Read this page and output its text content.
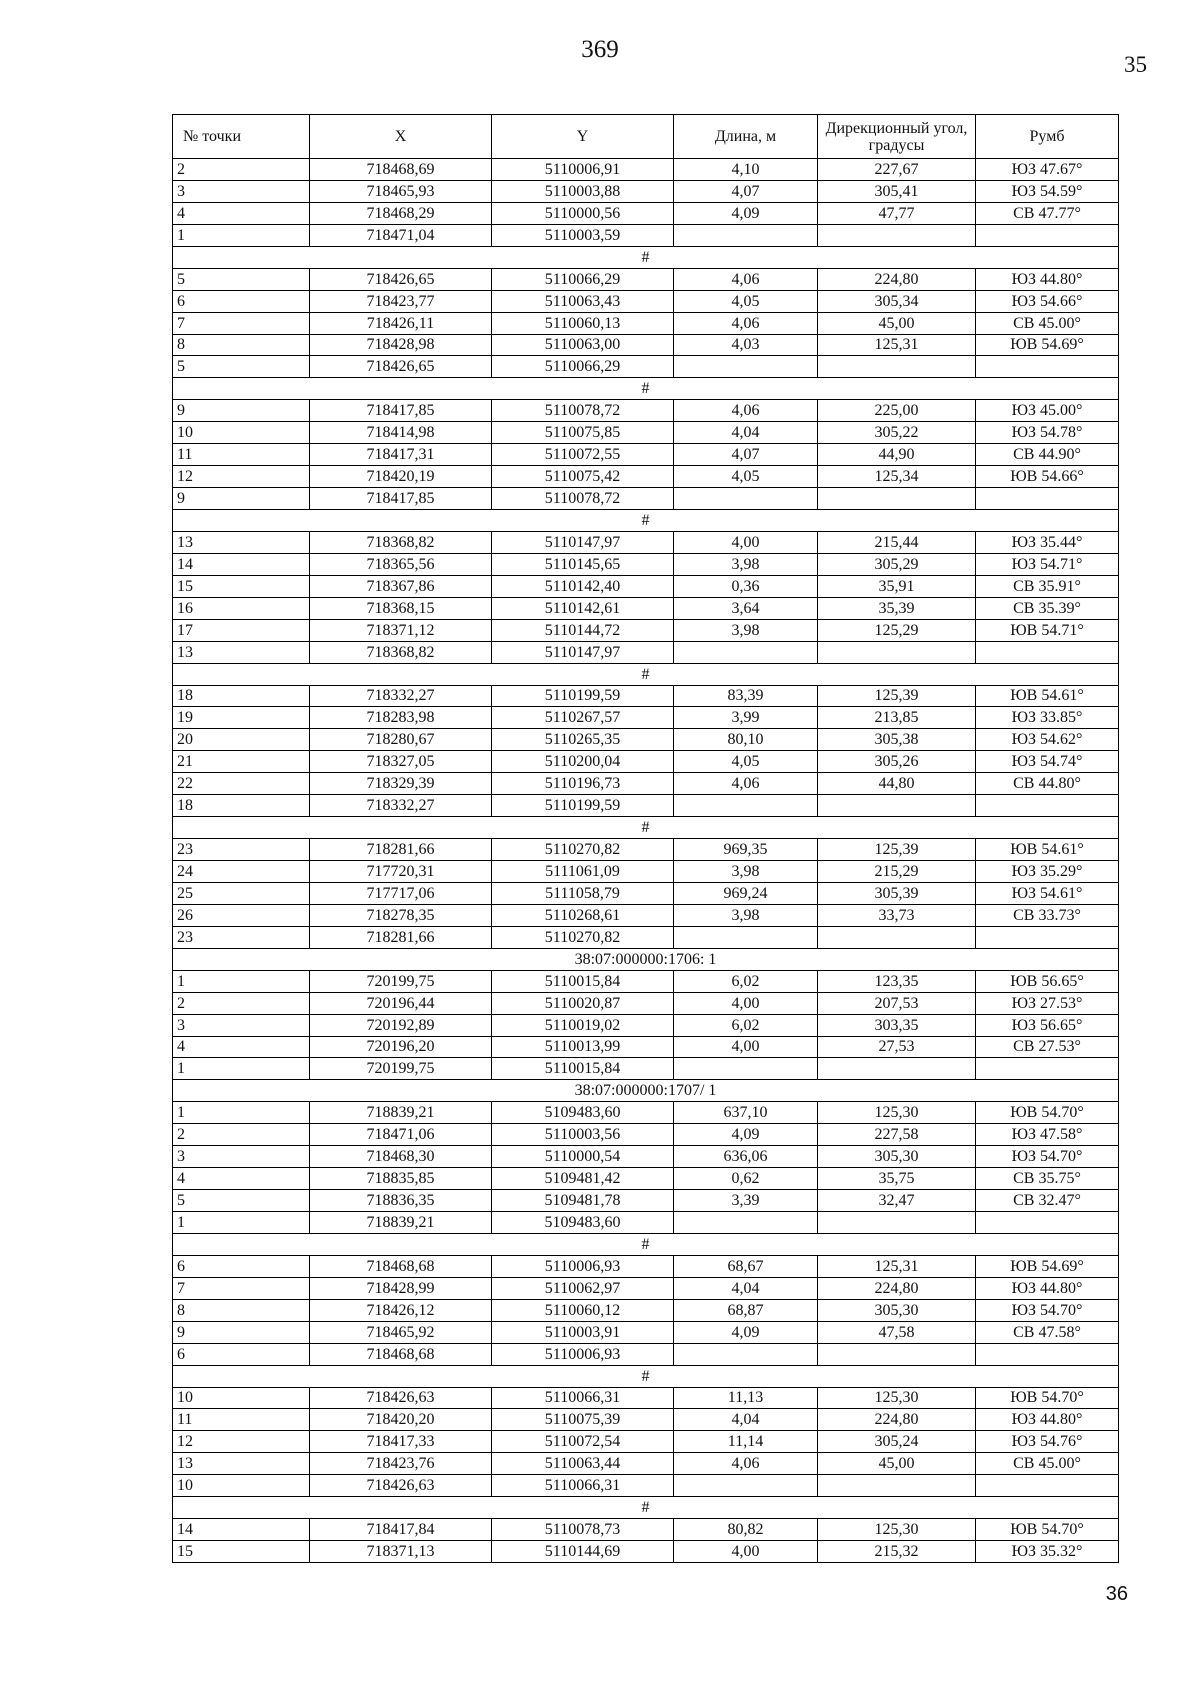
369
35
№ точки	X	Y	Длина, м	Дирекционный угол, градусы	Румб
2	718468,69	5110006,91	4,10	227,67	ЮЗ 47.67°
3	718465,93	5110003,88	4,07	305,41	ЮЗ 54.59°
4	718468,29	5110000,56	4,09	47,77	СВ 47.77°
1	718471,04	5110003,59			
#					
5	718426,65	5110066,29	4,06	224,80	ЮЗ 44.80°
6	718423,77	5110063,43	4,05	305,34	ЮЗ 54.66°
7	718426,11	5110060,13	4,06	45,00	СВ 45.00°
8	718428,98	5110063,00	4,03	125,31	ЮВ 54.69°
5	718426,65	5110066,29			
#					
9	718417,85	5110078,72	4,06	225,00	ЮЗ 45.00°
10	718414,98	5110075,85	4,04	305,22	ЮЗ 54.78°
11	718417,31	5110072,55	4,07	44,90	СВ 44.90°
12	718420,19	5110075,42	4,05	125,34	ЮВ 54.66°
9	718417,85	5110078,72			
#					
13	718368,82	5110147,97	4,00	215,44	ЮЗ 35.44°
14	718365,56	5110145,65	3,98	305,29	ЮЗ 54.71°
15	718367,86	5110142,40	0,36	35,91	СВ 35.91°
16	718368,15	5110142,61	3,64	35,39	СВ 35.39°
17	718371,12	5110144,72	3,98	125,29	ЮВ 54.71°
13	718368,82	5110147,97			
#					
18	718332,27	5110199,59	83,39	125,39	ЮВ 54.61°
19	718283,98	5110267,57	3,99	213,85	ЮЗ 33.85°
20	718280,67	5110265,35	80,10	305,38	ЮЗ 54.62°
21	718327,05	5110200,04	4,05	305,26	ЮЗ 54.74°
22	718329,39	5110196,73	4,06	44,80	СВ 44.80°
18	718332,27	5110199,59			
#					
23	718281,66	5110270,82	969,35	125,39	ЮВ 54.61°
24	717720,31	5111061,09	3,98	215,29	ЮЗ 35.29°
25	717717,06	5111058,79	969,24	305,39	ЮЗ 54.61°
26	718278,35	5110268,61	3,98	33,73	СВ 33.73°
23	718281,66	5110270,82			
38:07:000000:1706: 1					
1	720199,75	5110015,84	6,02	123,35	ЮВ 56.65°
2	720196,44	5110020,87	4,00	207,53	ЮЗ 27.53°
3	720192,89	5110019,02	6,02	303,35	ЮЗ 56.65°
4	720196,20	5110013,99	4,00	27,53	СВ 27.53°
1	720199,75	5110015,84			
38:07:000000:1707/ 1					
1	718839,21	5109483,60	637,10	125,30	ЮВ 54.70°
2	718471,06	5110003,56	4,09	227,58	ЮЗ 47.58°
3	718468,30	5110000,54	636,06	305,30	ЮЗ 54.70°
4	718835,85	5109481,42	0,62	35,75	СВ 35.75°
5	718836,35	5109481,78	3,39	32,47	СВ 32.47°
1	718839,21	5109483,60			
#					
6	718468,68	5110006,93	68,67	125,31	ЮВ 54.69°
7	718428,99	5110062,97	4,04	224,80	ЮЗ 44.80°
8	718426,12	5110060,12	68,87	305,30	ЮЗ 54.70°
9	718465,92	5110003,91	4,09	47,58	СВ 47.58°
6	718468,68	5110006,93			
#					
10	718426,63	5110066,31	11,13	125,30	ЮВ 54.70°
11	718420,20	5110075,39	4,04	224,80	ЮЗ 44.80°
12	718417,33	5110072,54	11,14	305,24	ЮЗ 54.76°
13	718423,76	5110063,44	4,06	45,00	СВ 45.00°
10	718426,63	5110066,31			
#					
14	718417,84	5110078,73	80,82	125,30	ЮВ 54.70°
15	718371,13	5110144,69	4,00	215,32	ЮЗ 35.32°
36
